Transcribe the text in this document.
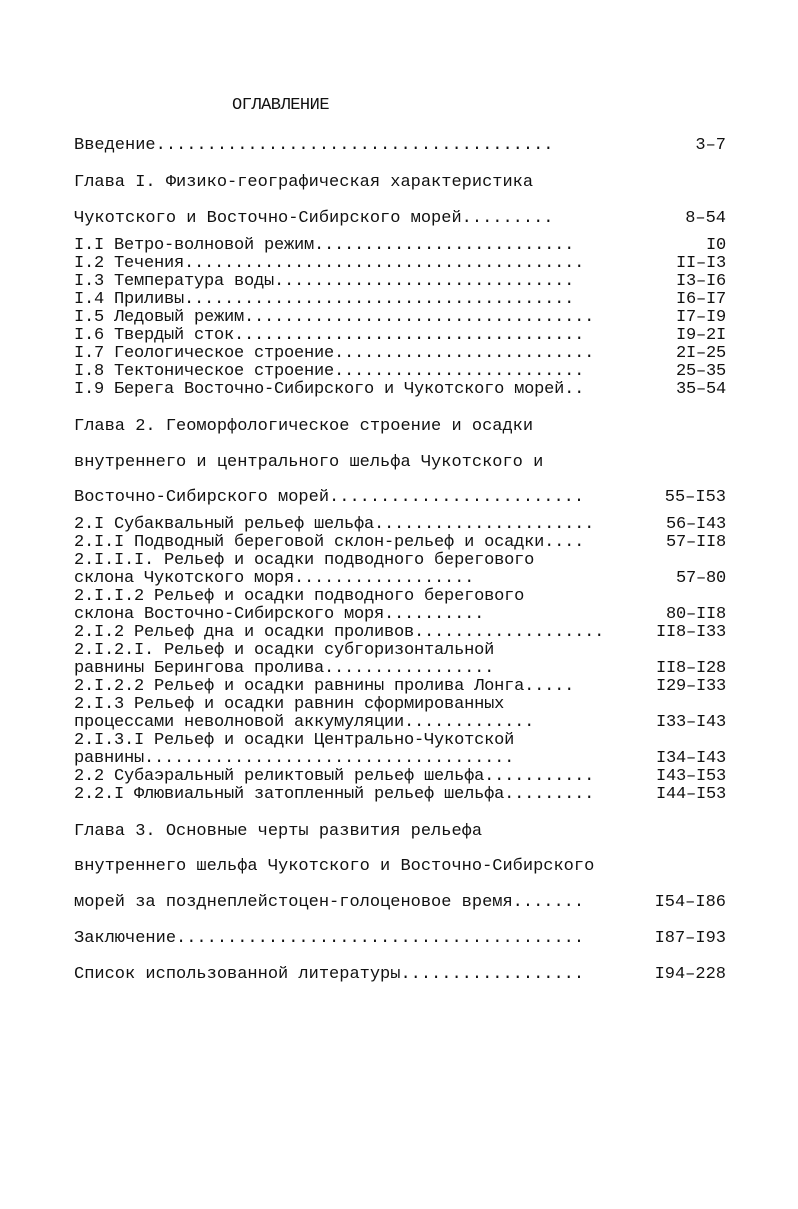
ОГЛАВЛЕНИЕ
Введение.......................................	3–7
Глава I. Физико-географическая характеристика
Чукотского и Восточно-Сибирского морей.........	8–54
I.I Ветро-волновой режим..........................	I0
I.2 Течения........................................	II–I3
I.3 Температура воды..............................	I3–I6
I.4 Приливы.......................................	I6–I7
I.5 Ледовый режим...................................	I7–I9
I.6 Твердый сток...................................	I9–2I
I.7 Геологическое строение..........................	2I–25
I.8 Тектоническое строение.........................	25–35
I.9 Берега Восточно-Сибирского и Чукотского морей..	35–54
Глава 2. Геоморфологическое строение и осадки
внутреннего и центрального шельфа Чукотского и
Восточно-Сибирского морей.........................	55–I53
2.I Субаквальный рельеф шельфа......................	56–I43
2.I.I Подводный береговой склон-рельеф и осадки....	57–II8
2.I.I.I. Рельеф и осадки подводного берегового
склона Чукотского моря..................	57–80
2.I.I.2 Рельеф и осадки подводного берегового
склона Восточно-Сибирского моря..........	80–II8
2.I.2 Рельеф дна и осадки проливов...................	II8–I33
2.I.2.I. Рельеф и осадки субгоризонтальной
равнины Берингова пролива.................	II8–I28
2.I.2.2 Рельеф и осадки равнины пролива Лонга.....	I29–I33
2.I.3 Рельеф и осадки равнин сформированных
процессами неволновой аккумуляции.............	I33–I43
2.I.3.I Рельеф и осадки Центрально-Чукотской
равнины.....................................	I34–I43
2.2 Субаэральный реликтовый рельеф шельфа...........	I43–I53
2.2.I Флювиальный затопленный рельеф шельфа.........	I44–I53
Глава 3. Основные черты развития рельефа
внутреннего шельфа Чукотского и Восточно-Сибирского
морей за позднеплейстоцен-голоценовое время.......	I54–I86
Заключение........................................	I87–I93
Список использованной литературы..................	I94–228
